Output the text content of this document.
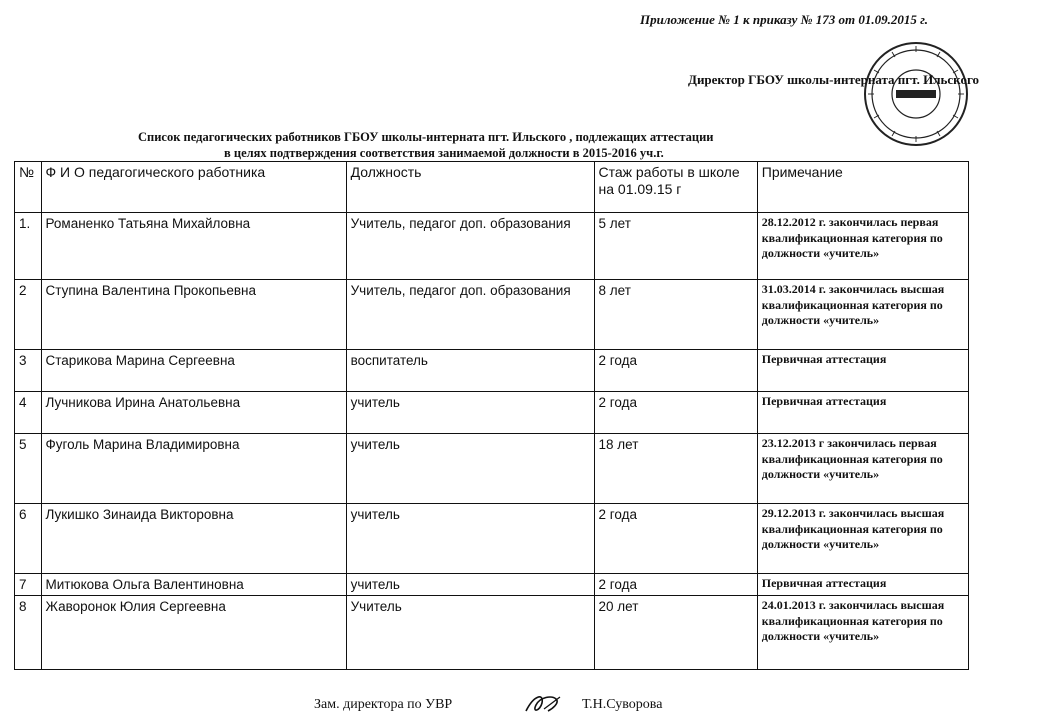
Приложение № 1 к приказу № 173 от 01.09.2015 г.
Директор ГБОУ школы-интерната пгт. Ильского
Список педагогических работников ГБОУ школы-интерната пгт. Ильского , подлежащих аттестации
в целях подтверждения соответствия занимаемой должности в 2015-2016 уч.г.
№	Ф И О педагогического работника	Должность	Стаж работы в школе на 01.09.15 г	Примечание
1.	Романенко Татьяна Михайловна	Учитель, педагог доп. образования	5 лет	28.12.2012 г. закончилась первая квалификационная категория по должности «учитель»
2	Ступина Валентина Прокопьевна	Учитель, педагог доп. образования	8 лет	31.03.2014 г. закончилась высшая квалификационная категория по должности «учитель»
3	Старикова Марина Сергеевна	воспитатель	2 года	Первичная аттестация
4	Лучникова Ирина Анатольевна	учитель	2 года	Первичная аттестация
5	Фуголь Марина Владимировна	учитель	18 лет	23.12.2013 г закончилась первая квалификационная категория по должности «учитель»
6	Лукишко Зинаида Викторовна	учитель	2 года	29.12.2013 г. закончилась высшая квалификационная категория по должности «учитель»
7	Митюкова Ольга Валентиновна	учитель	2 года	Первичная аттестация
8	Жаворонок Юлия Сергеевна	Учитель	20 лет	24.01.2013 г. закончилась высшая квалификационная категория по должности «учитель»
Зам. директора по УВР	Т.Н.Суворова
